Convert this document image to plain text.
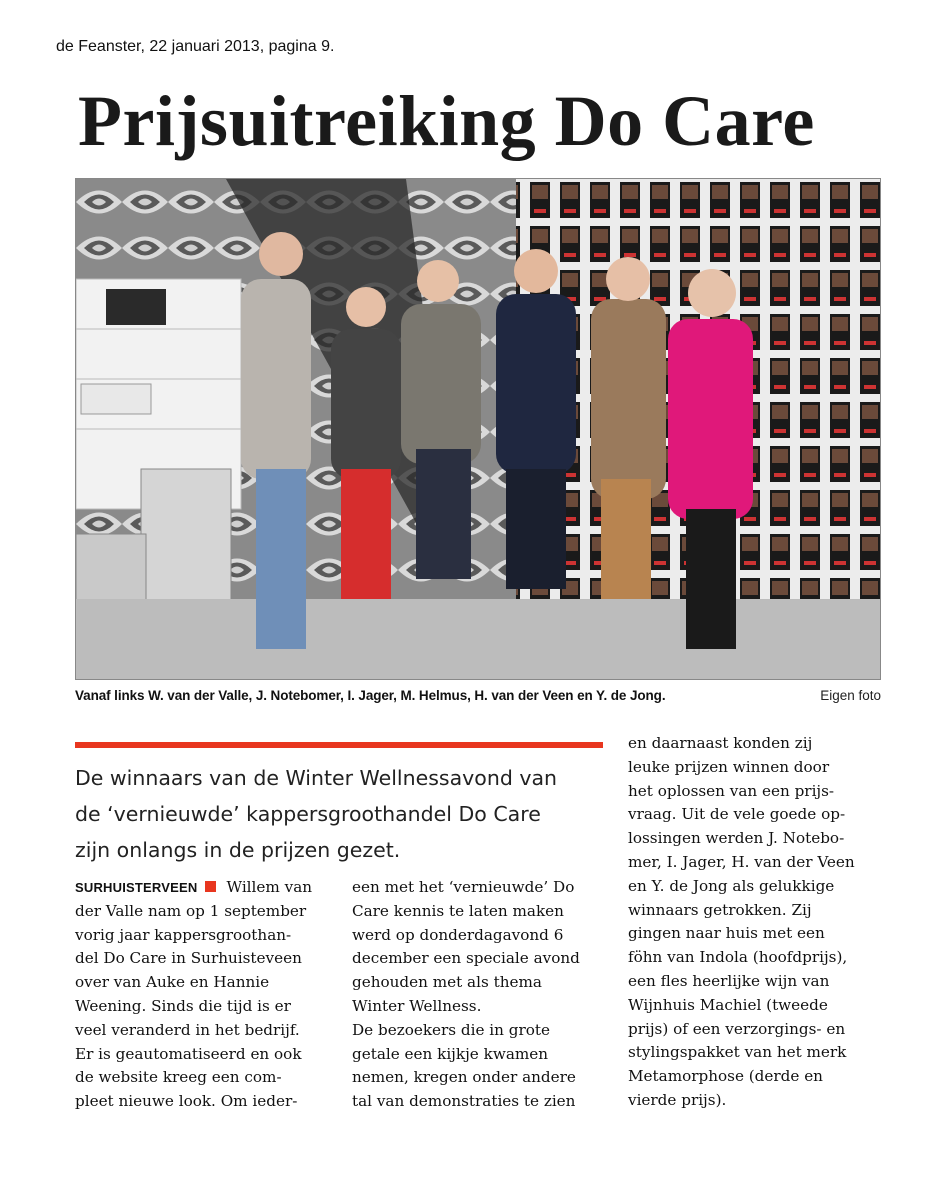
de Feanster, 22 januari 2013, pagina 9.
Prijsuitreiking Do Care
Vanaf links W. van der Valle, J. Notebomer, I. Jager, M. Helmus, H. van der Veen en Y. de Jong.	Eigen foto

De winnaars van de Winter Wellnessavond van
de ‘vernieuwde’ kappersgroothandel Do Care
zijn onlangs in de prijzen gezet.

SURHUISTERVEEN Willem van
der Valle nam op 1 september
vorig jaar kappersgroothan-
del Do Care in Surhuisteveen
over van Auke en Hannie
Weening. Sinds die tijd is er
veel veranderd in het bedrijf.
Er is geautomatiseerd en ook
de website kreeg een com-
pleet nieuwe look. Om ieder-

een met het ‘vernieuwde’ Do
Care kennis te laten maken
werd op donderdagavond 6
december een speciale avond
gehouden met als thema
Winter Wellness.
De bezoekers die in grote
getale een kijkje kwamen
nemen, kregen onder andere
tal van demonstraties te zien

en daarnaast konden zij
leuke prijzen winnen door
het oplossen van een prijs-
vraag. Uit de vele goede op-
lossingen werden J. Notebo-
mer, I. Jager, H. van der Veen
en Y. de Jong als gelukkige
winnaars getrokken. Zij
gingen naar huis met een
föhn van Indola (hoofdprijs),
een fles heerlijke wijn van
Wijnhuis Machiel (tweede
prijs) of een verzorgings- en
stylingspakket van het merk
Metamorphose (derde en
vierde prijs).
